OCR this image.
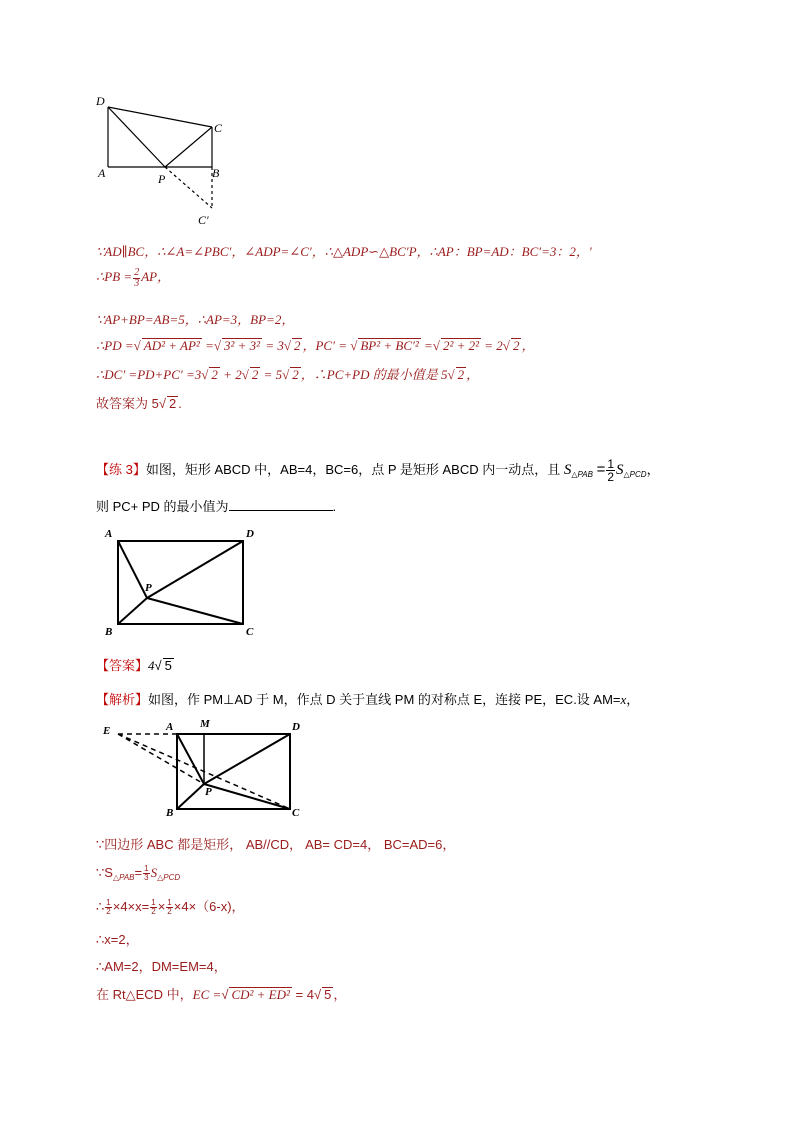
D
C
A	P	B
C′
∵AD∥BC，∴∠A=∠PBC′，∠ADP=∠C′，∴△ADP∽△BC′P，∴AP：BP=AD：BC′=3：2，′
∴PB = $\frac{2}{3}$ AP，
∵AP+BP=AB=5，∴AP=3，BP=2，
∴PD =√ AD² + AP² =√ 3² + 3² = 3√ 2 ，PC′ = √ BP² + BC′² =√ 2² + 2² = 2√ 2 ，
∴DC′ =PD+PC′ =3√ 2 + 2√ 2 = 5√ 2 ，∴PC+PD 的最小值是 5√ 2 ，
故答案为 5√ 2 .
【练 3】如图，矩形 ABCD 中，AB=4，BC=6，点 P 是矩形 ABCD 内一动点，且 $S_{\triangle PAB} = \frac{1}{2} S_{\triangle PCD}$，
则 PC+ PD 的最小值为	.
A	D
P
B	C
【答案】4√ 5
【解析】如图，作 PM⊥AD 于 M，作点 D 关于直线 PM 的对称点 E，连接 PE，EC.设 AM=x，
E	A M	D
P
B	C
∵四边形 ABC 都是矩形， AB//CD， AB= CD=4， BC=AD=6，
$\because S_{\triangle PAB}= \frac{1}{3} S_{\triangle PCD}$
∴ $\frac{1}{2} \times 4\times x= \frac{1}{2} \times \frac{1}{2} \times 4\times(6-x)$，
∴x=2，
∴AM=2，DM=EM=4，
在 Rt△ECD 中，EC =√ CD² + ED² = 4√ 5 ，
